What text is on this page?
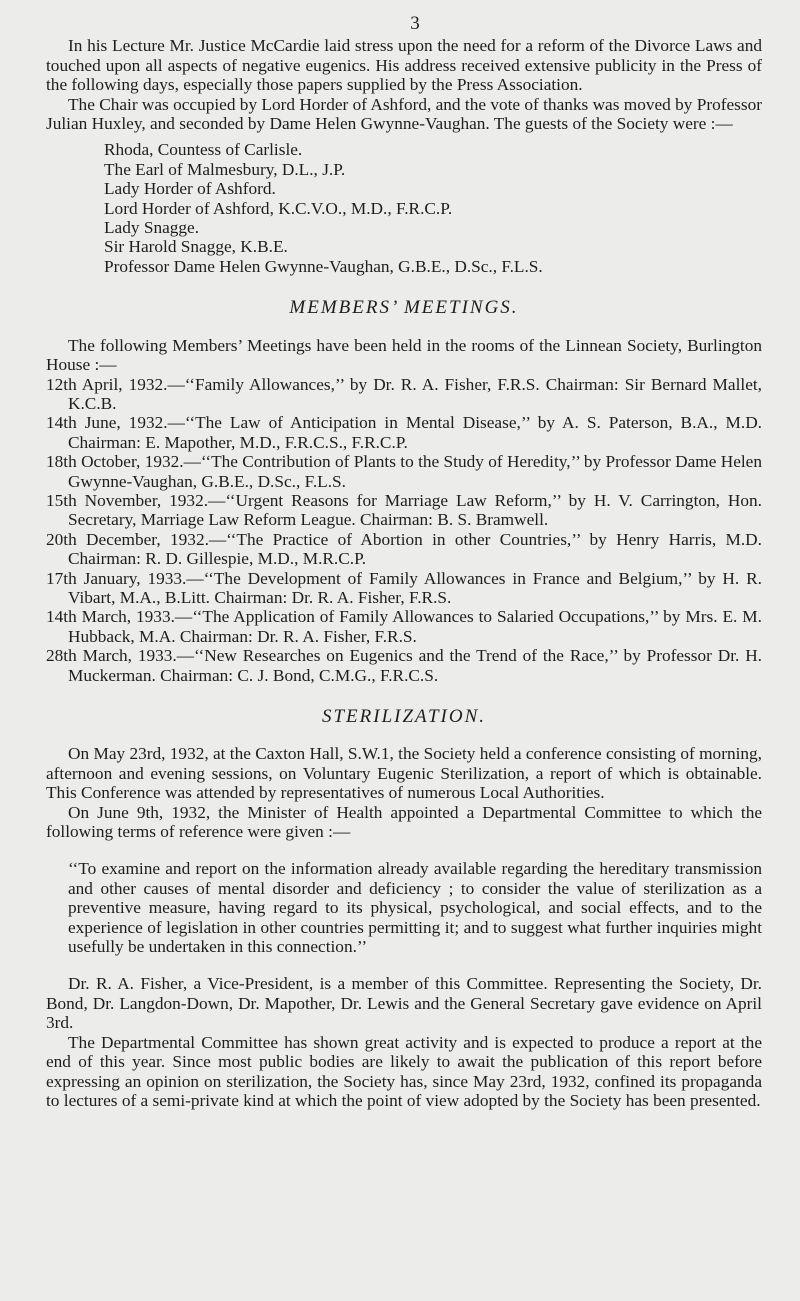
3

In his Lecture Mr. Justice McCardie laid stress upon the need for a reform of the Divorce Laws and touched upon all aspects of negative eugenics. His address received extensive publicity in the Press of the following days, especially those papers supplied by the Press Association.

The Chair was occupied by Lord Horder of Ashford, and the vote of thanks was moved by Professor Julian Huxley, and seconded by Dame Helen Gwynne-Vaughan. The guests of the Society were :—

Rhoda, Countess of Carlisle.
The Earl of Malmesbury, D.L., J.P.
Lady Horder of Ashford.
Lord Horder of Ashford, K.C.V.O., M.D., F.R.C.P.
Lady Snagge.
Sir Harold Snagge, K.B.E.
Professor Dame Helen Gwynne-Vaughan, G.B.E., D.Sc., F.L.S.
MEMBERS’ MEETINGS.

The following Members’ Meetings have been held in the rooms of the Linnean Society, Burlington House :—

12th April, 1932.—‘‘Family Allowances,’’ by Dr. R. A. Fisher, F.R.S. Chairman: Sir Bernard Mallet, K.C.B.
14th June, 1932.—‘‘The Law of Anticipation in Mental Disease,’’ by A. S. Paterson, B.A., M.D. Chairman: E. Mapother, M.D., F.R.C.S., F.R.C.P.
18th October, 1932.—‘‘The Contribution of Plants to the Study of Heredity,’’ by Professor Dame Helen Gwynne-Vaughan, G.B.E., D.Sc., F.L.S.
15th November, 1932.—‘‘Urgent Reasons for Marriage Law Reform,’’ by H. V. Carrington, Hon. Secretary, Marriage Law Reform League. Chairman: B. S. Bramwell.
20th December, 1932.—‘‘The Practice of Abortion in other Countries,’’ by Henry Harris, M.D. Chairman: R. D. Gillespie, M.D., M.R.C.P.
17th January, 1933.—‘‘The Development of Family Allowances in France and Belgium,’’ by H. R. Vibart, M.A., B.Litt. Chairman: Dr. R. A. Fisher, F.R.S.
14th March, 1933.—‘‘The Application of Family Allowances to Salaried Occupations,’’ by Mrs. E. M. Hubback, M.A. Chairman: Dr. R. A. Fisher, F.R.S.
28th March, 1933.—‘‘New Researches on Eugenics and the Trend of the Race,’’ by Professor Dr. H. Muckerman. Chairman: C. J. Bond, C.M.G., F.R.C.S.
STERILIZATION.

On May 23rd, 1932, at the Caxton Hall, S.W.1, the Society held a conference consisting of morning, afternoon and evening sessions, on Voluntary Eugenic Sterilization, a report of which is obtainable. This Conference was attended by representatives of numerous Local Authorities.

On June 9th, 1932, the Minister of Health appointed a Departmental Committee to which the following terms of reference were given :—

‘‘To examine and report on the information already available regarding the hereditary transmission and other causes of mental disorder and deficiency ; to consider the value of sterilization as a preventive measure, having regard to its physical, psychological, and social effects, and to the experience of legislation in other countries permitting it; and to suggest what further inquiries might usefully be undertaken in this connection.’’

Dr. R. A. Fisher, a Vice-President, is a member of this Committee. Representing the Society, Dr. Bond, Dr. Langdon-Down, Dr. Mapother, Dr. Lewis and the General Secretary gave evidence on April 3rd.

The Departmental Committee has shown great activity and is expected to produce a report at the end of this year. Since most public bodies are likely to await the publication of this report before expressing an opinion on sterilization, the Society has, since May 23rd, 1932, confined its propaganda to lectures of a semi-private kind at which the point of view adopted by the Society has been presented.
